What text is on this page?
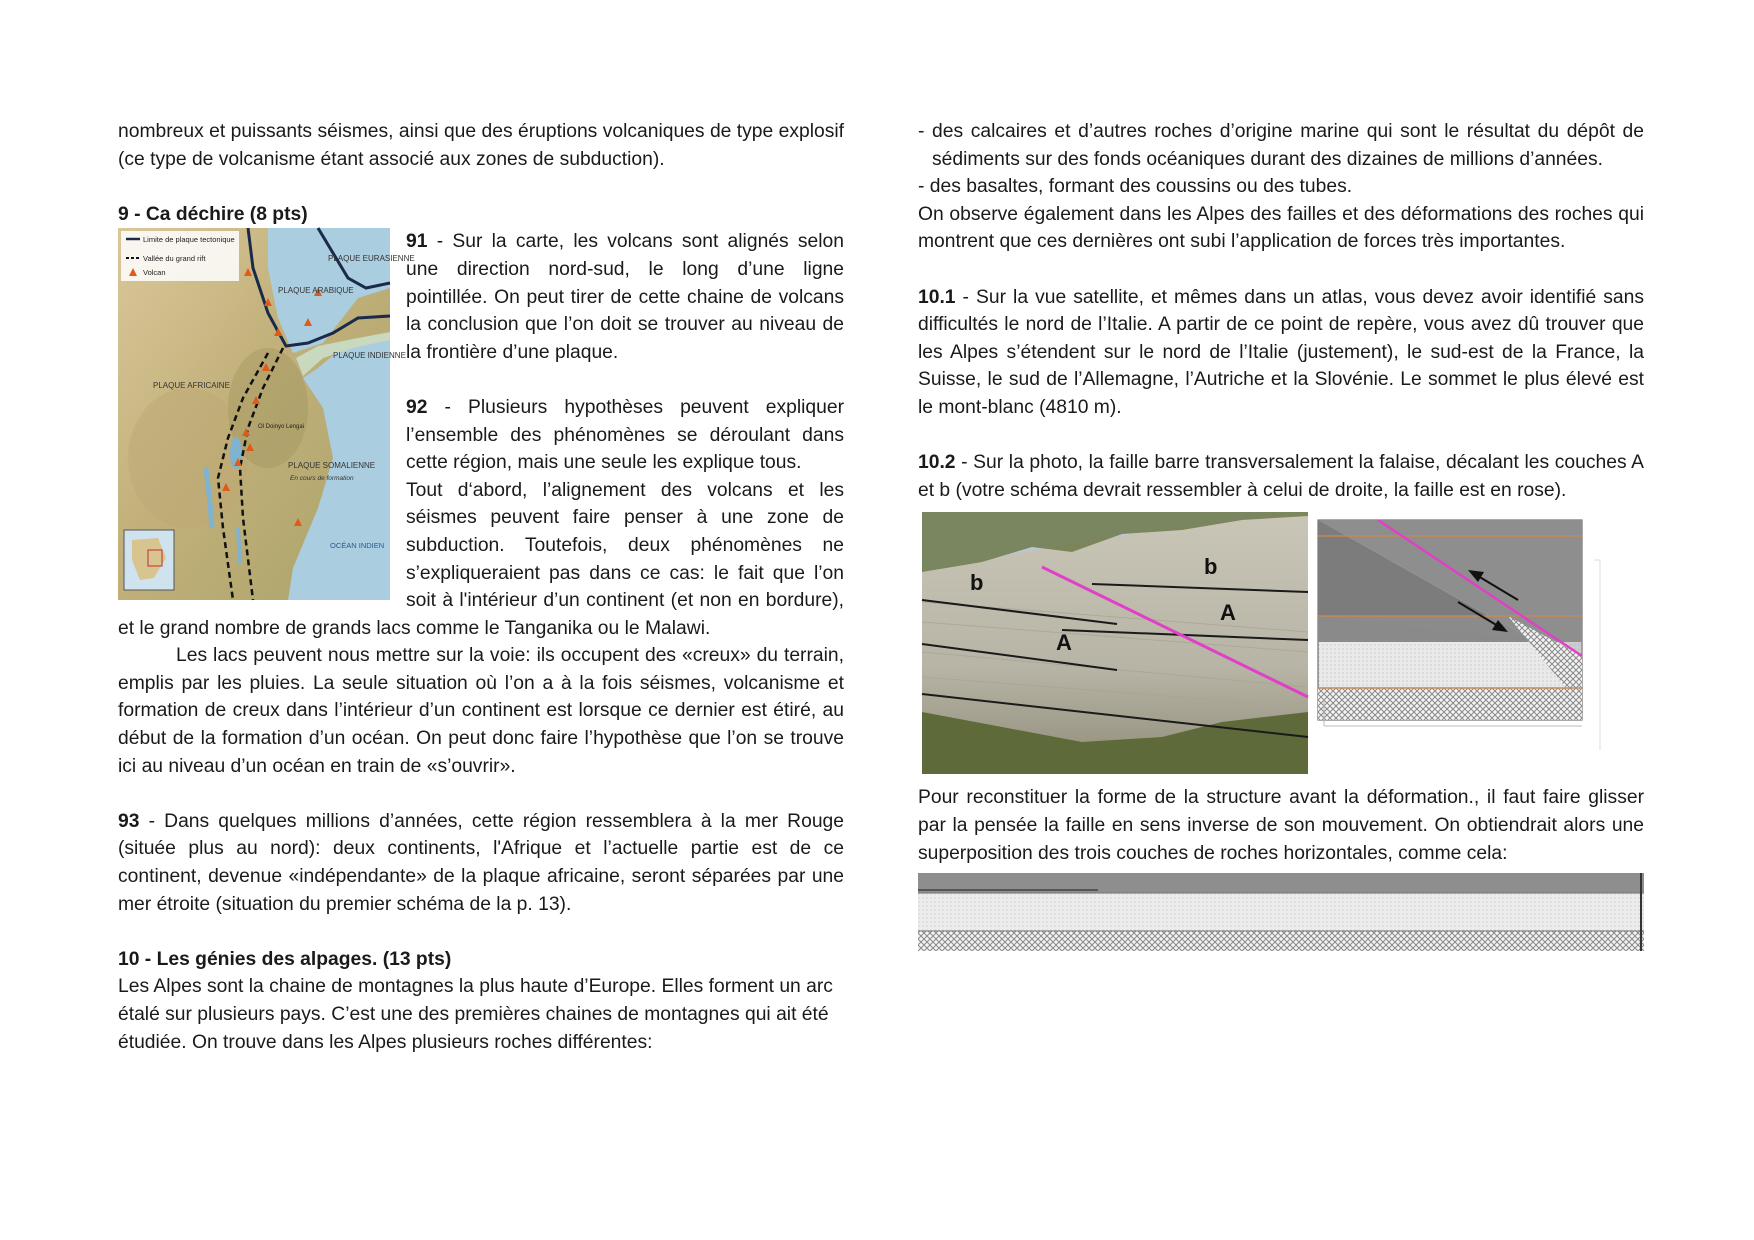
nombreux et puissants séismes, ainsi que des éruptions volcaniques de type explosif (ce type de volcanisme étant associé aux zones de subduction).

9 - Ca déchire (8 pts)

Limite de plaque tectonique
Vallée du grand rift
Volcan
PLAQUE EURASIENNE
PLAQUE ARABIQUE
PLAQUE INDIENNE
PLAQUE AFRICAINE
PLAQUE SOMALIENNE
En cours de formation
OCÉAN INDIEN
Ol Doinyo Lengai

91 - Sur la carte, les volcans sont alignés selon une direction nord-sud, le long d’une ligne pointillée. On peut tirer de cette chaine de volcans la conclusion que l’on doit se trouver au niveau de la frontière d’une plaque.

92 - Plusieurs hypothèses peuvent expliquer l’ensemble des phénomènes se déroulant dans cette région, mais une seule les explique tous.

Tout d‘abord, l’alignement des volcans et les séismes peuvent faire penser à une zone de subduction. Toutefois, deux phénomènes ne s’expliqueraient pas dans ce cas: le fait que l’on soit à l'intérieur d’un continent (et non en bordure), et le grand nombre de grands lacs comme le Tanganika ou le Malawi.

Les lacs peuvent nous mettre sur la voie: ils occupent des «creux» du terrain, emplis par les pluies. La seule situation où l’on a à la fois séismes, volcanisme et formation de creux dans l’intérieur d’un continent est lorsque ce dernier est étiré, au début de la formation d’un océan. On peut donc faire l’hypothèse que l’on se trouve ici au niveau d’un océan en train de «s’ouvrir».

93 - Dans quelques millions d’années, cette région ressemblera à la mer Rouge (située plus au nord): deux continents, l'Afrique et l’actuelle partie est de ce continent, devenue «indépendante» de la plaque africaine, seront séparées par une mer étroite (situation du premier schéma de la p. 13).

10 - Les génies des alpages. (13 pts)

Les Alpes sont la chaine de montagnes la plus haute d’Europe. Elles forment un arc étalé sur plusieurs pays. C’est une des premières chaines de montagnes qui ait été étudiée. On trouve dans les Alpes plusieurs roches différentes:

- des calcaires et d’autres roches d’origine marine qui sont le résultat du dépôt de sédiments sur des fonds océaniques durant des dizaines de millions d’années.

- des basaltes, formant des coussins ou des tubes.

On observe également dans les Alpes des failles et des déformations des roches qui montrent que ces dernières ont subi l’application de forces très importantes.

10.1 - Sur la vue satellite, et mêmes dans un atlas, vous devez avoir identifié sans difficultés le nord de l’Italie. A partir de ce point de repère, vous avez dû trouver que les Alpes s’étendent sur le nord de l’Italie (justement), le sud-est de la France, la Suisse, le sud de l’Allemagne, l’Autriche et la Slovénie. Le sommet le plus élevé est le mont-blanc (4810 m).

10.2 - Sur la photo, la faille barre transversalement la falaise, décalant les couches A et b (votre schéma devrait ressembler à celui de droite, la faille est en rose).

b
b
A
A

Pour reconstituer la forme de la structure avant la déformation., il faut faire glisser par la pensée la faille en sens inverse de son mouvement. On obtiendrait alors une superposition des trois couches de roches horizontales, comme cela:
